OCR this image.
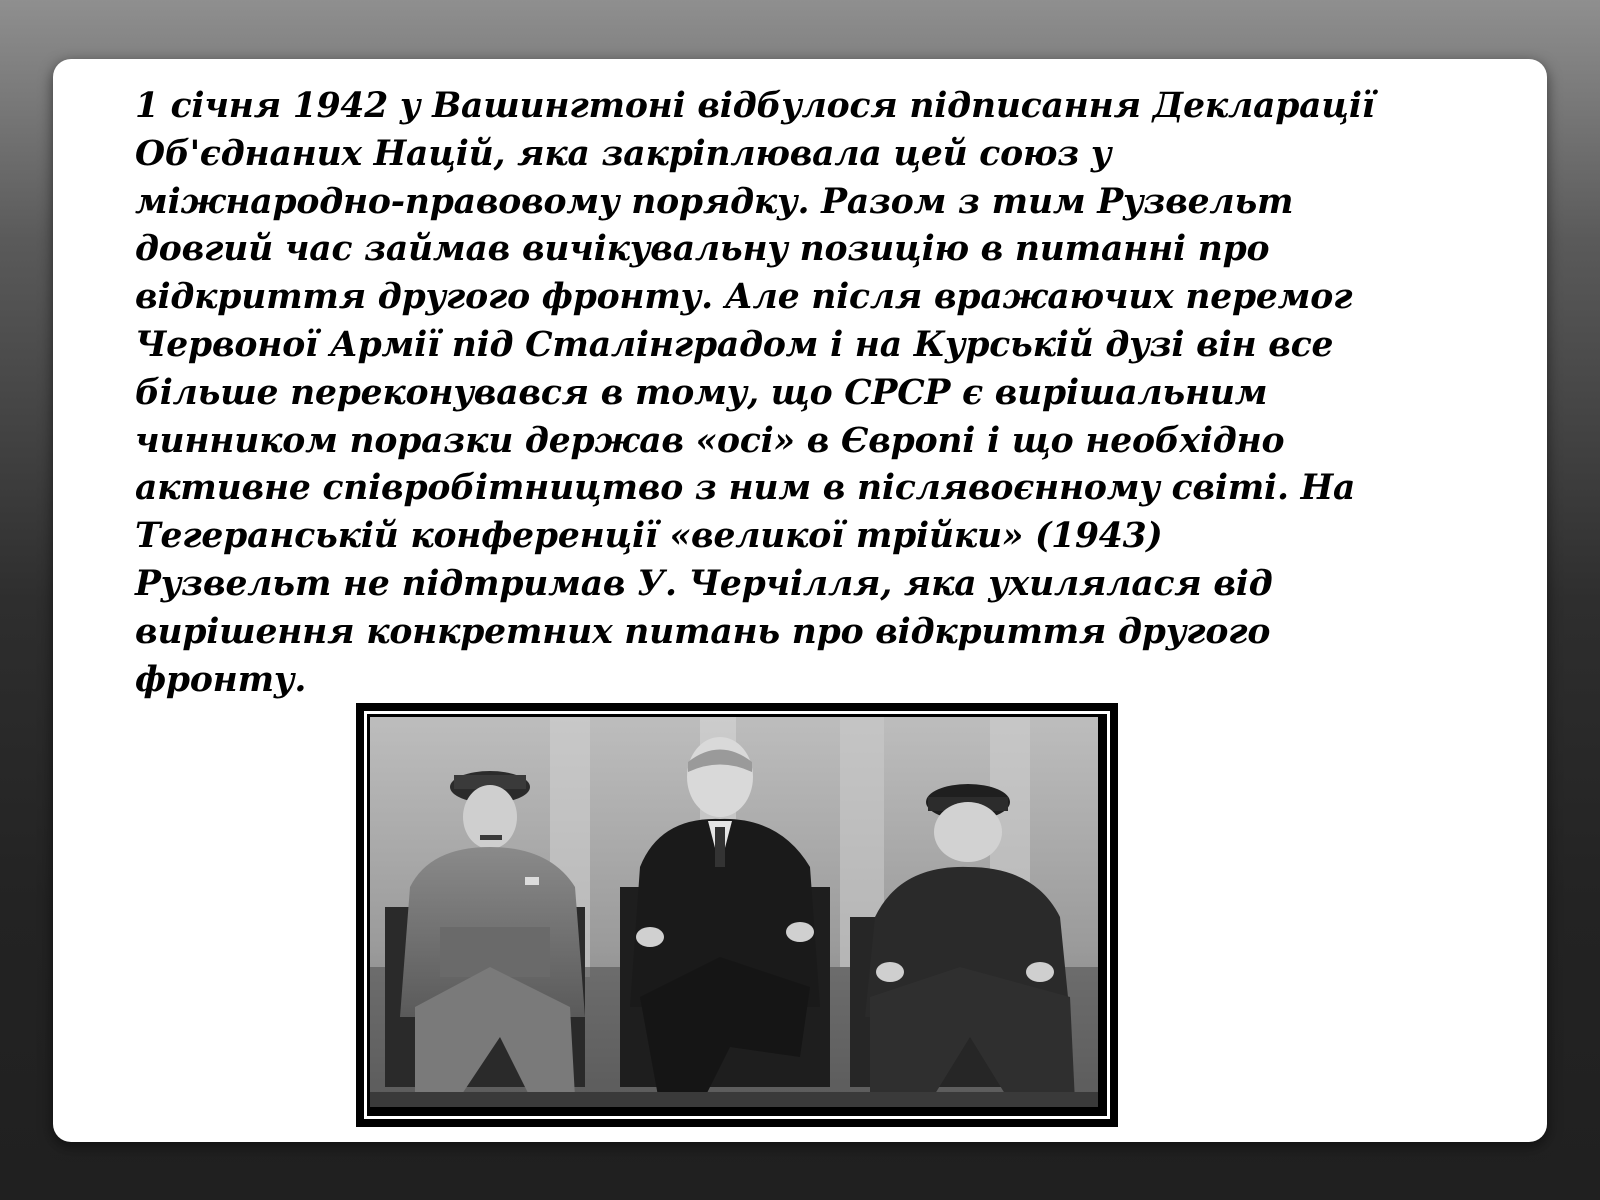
1 січня 1942 у Вашингтоні відбулося підписання Декларації
Об'єднаних Націй, яка закріплювала цей союз у
міжнародно-правовому порядку. Разом з тим Рузвельт
довгий час займав вичікувальну позицію в питанні про
відкриття другого фронту. Але після вражаючих перемог
Червоної Армії під Сталінградом і на Курській дузі він все
більше переконувався в тому, що СРСР є вирішальним
чинником поразки держав «осі» в Європі і що необхідно
активне співробітництво з ним в післявоєнному світі. На
Тегеранській конференції «великої трійки» (1943)
Рузвельт не підтримав У. Черчілля, яка ухилялася від
вирішення конкретних питань про відкриття другого
фронту.
